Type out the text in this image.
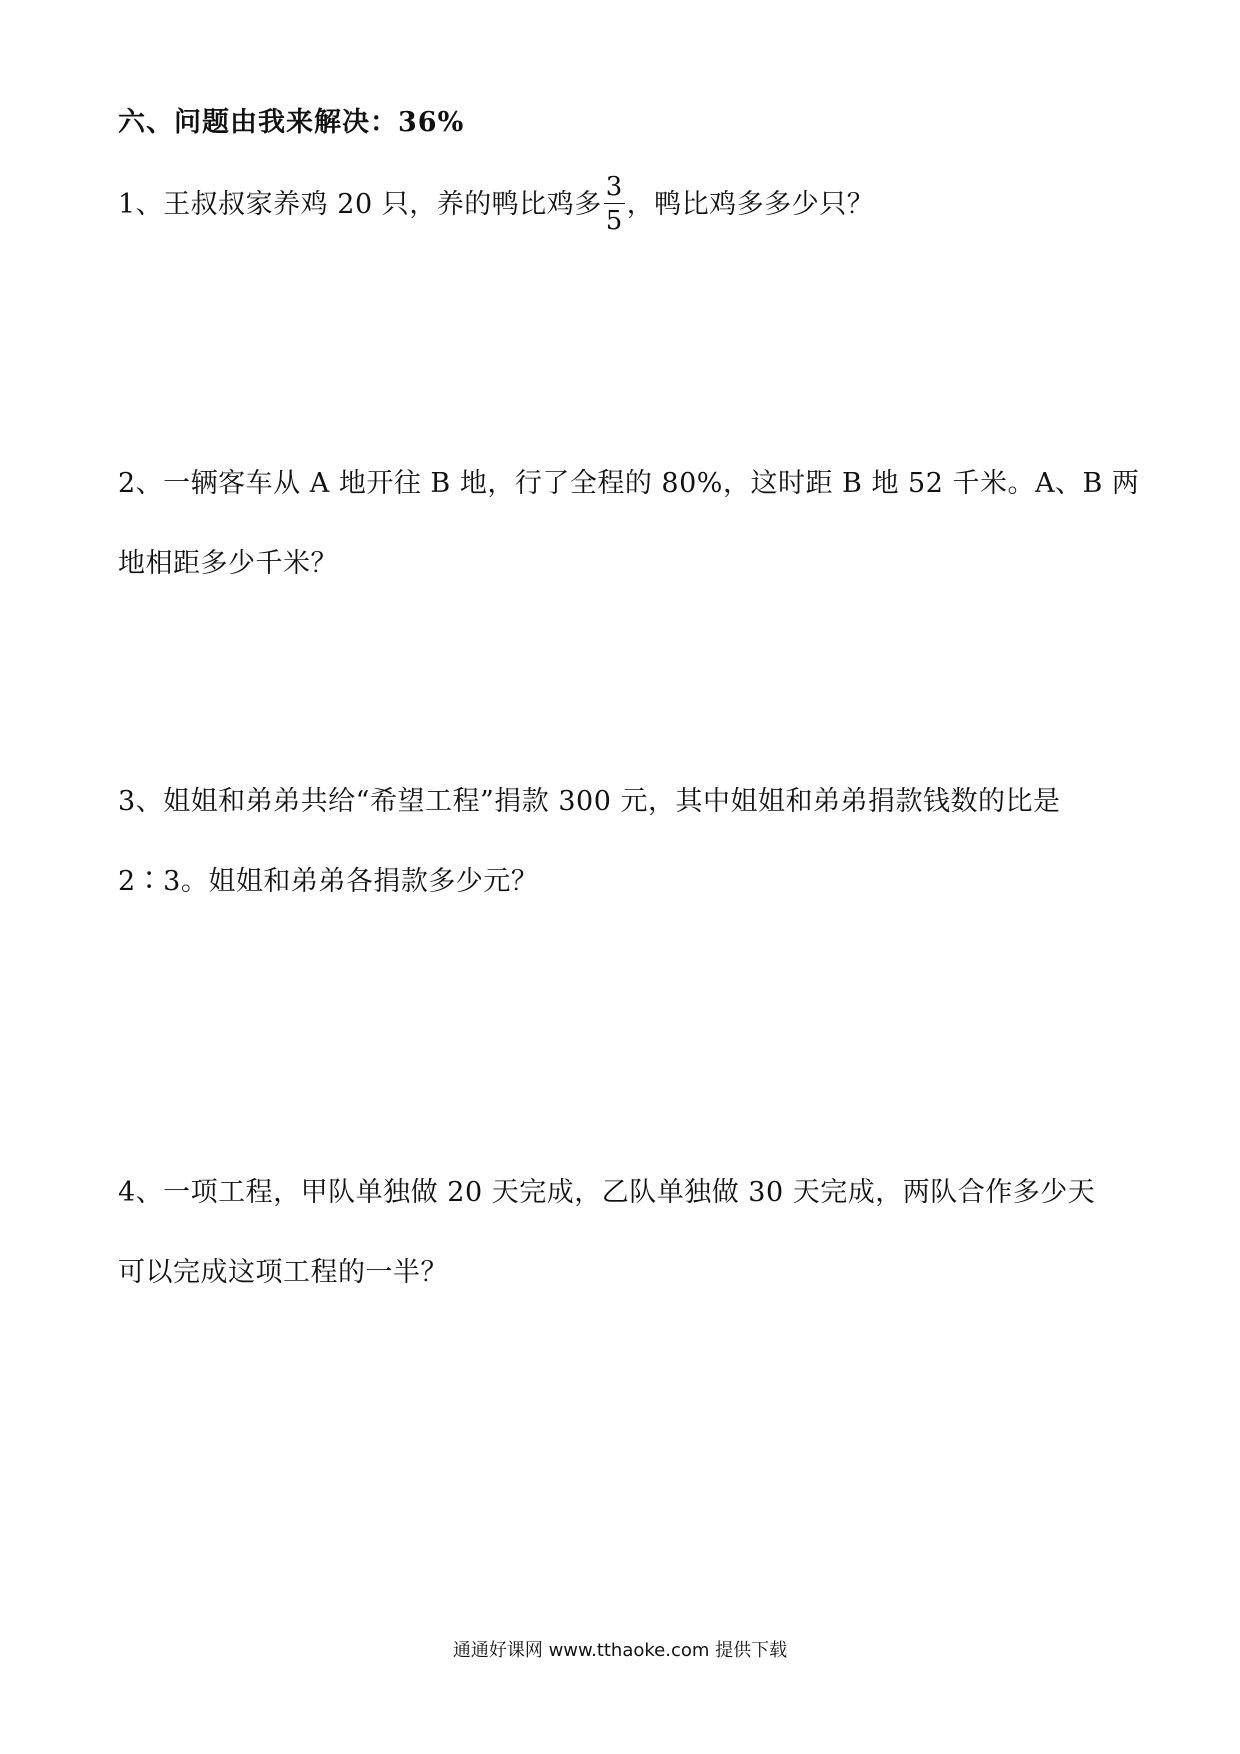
六、问题由我来解决：36%
1、王叔叔家养鸡 20 只，养的鸭比鸡多 $\frac{3}{5}$ ，鸭比鸡多多少只？
2、一辆客车从 A 地开往 B 地，行了全程的 80%，这时距 B 地 52 千米。A、B 两
地相距多少千米？
3、姐姐和弟弟共给“希望工程”捐款 300 元，其中姐姐和弟弟捐款钱数的比是
2∶3。姐姐和弟弟各捐款多少元？
4、一项工程，甲队单独做 20 天完成，乙队单独做 30 天完成，两队合作多少天
可以完成这项工程的一半？
通通好课网 www.tthaoke.com 提供下载
